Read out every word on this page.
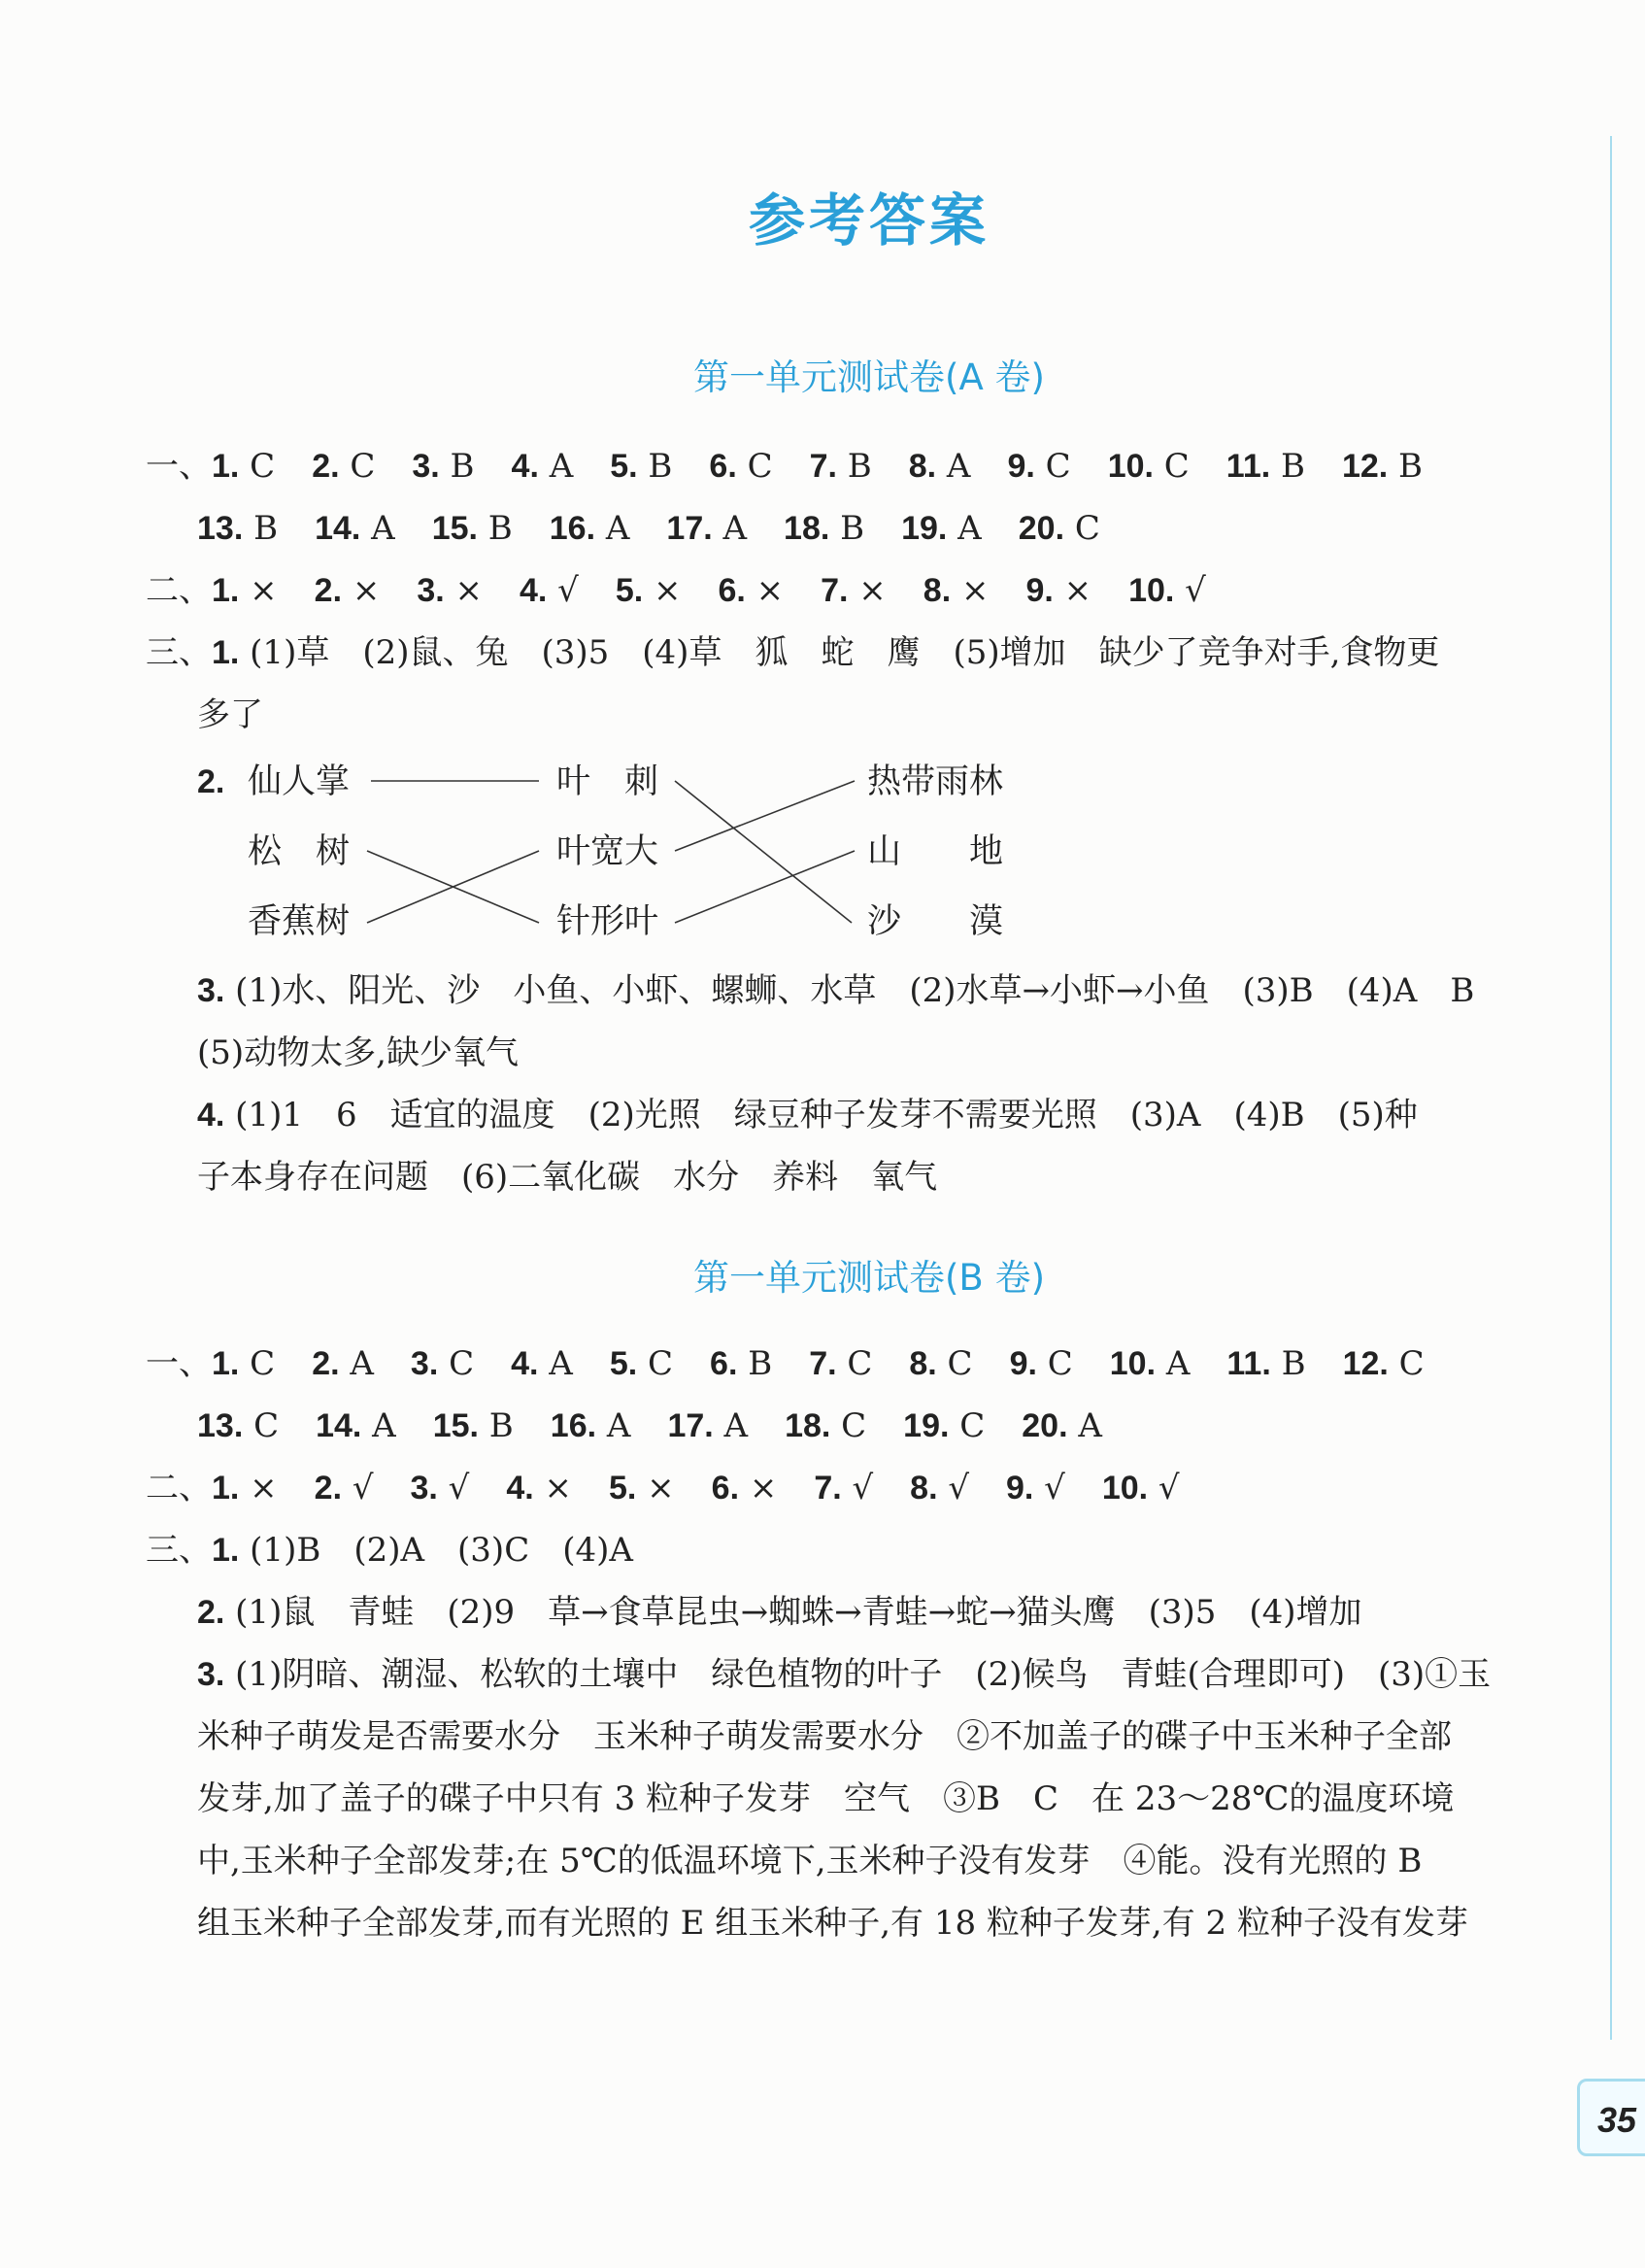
参考答案
第一单元测试卷(A 卷)
一、1. C 2. C 3. B 4. A 5. B 6. C 7. B 8. A 9. C 10. C 11. B 12. B
13. B 14. A 15. B 16. A 17. A 18. B 19. A 20. C
二、1. × 2. × 3. × 4. √ 5. × 6. × 7. × 8. × 9. × 10. √
三、1. (1)草　(2)鼠、兔　(3)5　(4)草　狐　蛇　鹰　(5)增加　缺少了竞争对手,食物更
多了
2. 仙人掌
松　树
香蕉树
叶　刺
叶宽大
针形叶
热带雨林
山　　地
沙　　漠
3. (1)水、阳光、沙　小鱼、小虾、螺蛳、水草　(2)水草→小虾→小鱼　(3)B　(4)A　B
(5)动物太多,缺少氧气
4. (1)1　6　适宜的温度　(2)光照　绿豆种子发芽不需要光照　(3)A　(4)B　(5)种
子本身存在问题　(6)二氧化碳　水分　养料　氧气
第一单元测试卷(B 卷)
一、1. C 2. A 3. C 4. A 5. C 6. B 7. C 8. C 9. C 10. A 11. B 12. C
13. C 14. A 15. B 16. A 17. A 18. C 19. C 20. A
二、1. × 2. √ 3. √ 4. × 5. × 6. × 7. √ 8. √ 9. √ 10. √
三、1. (1)B　(2)A　(3)C　(4)A
2. (1)鼠　青蛙　(2)9　草→食草昆虫→蜘蛛→青蛙→蛇→猫头鹰　(3)5　(4)增加
3. (1)阴暗、潮湿、松软的土壤中　绿色植物的叶子　(2)候鸟　青蛙(合理即可)　(3)①玉
米种子萌发是否需要水分　玉米种子萌发需要水分　②不加盖子的碟子中玉米种子全部
发芽,加了盖子的碟子中只有 3 粒种子发芽　空气　③B　C　在 23～28℃的温度环境
中,玉米种子全部发芽;在 5℃的低温环境下,玉米种子没有发芽　④能。没有光照的 B
组玉米种子全部发芽,而有光照的 E 组玉米种子,有 18 粒种子发芽,有 2 粒种子没有发芽
35
